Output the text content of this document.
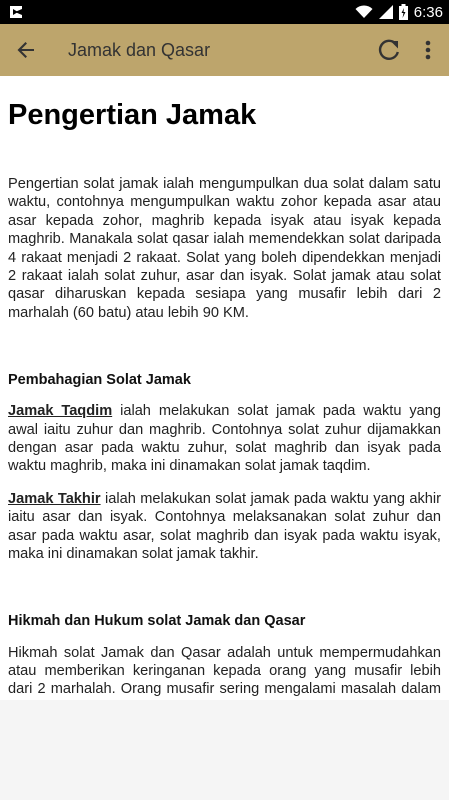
6:36
Jamak dan Qasar
Pengertian Jamak

Pengertian solat jamak ialah mengumpulkan dua solat dalam satu waktu, contohnya mengumpulkan waktu zohor kepada asar atau asar kepada zohor, maghrib kepada isyak atau isyak kepada maghrib. Manakala solat qasar ialah memendekkan solat daripada 4 rakaat menjadi 2 rakaat. Solat yang boleh dipendekkan menjadi 2 rakaat ialah solat zuhur, asar dan isyak. Solat jamak atau solat qasar diharuskan kepada sesiapa yang musafir lebih dari 2 marhalah (60 batu) atau lebih 90 KM.

Pembahagian Solat Jamak

Jamak Taqdim ialah melakukan solat jamak pada waktu yang awal iaitu zuhur dan maghrib. Contohnya solat zuhur dijamakkan dengan asar pada waktu zuhur, solat maghrib dan isyak pada waktu maghrib, maka ini dinamakan solat jamak taqdim.

Jamak Takhir ialah melakukan solat jamak pada waktu yang akhir iaitu asar dan isyak. Contohnya melaksanakan solat zuhur dan asar pada waktu asar, solat maghrib dan isyak pada waktu isyak, maka ini dinamakan solat jamak takhir.

Hikmah dan Hukum solat Jamak dan Qasar

Hikmah solat Jamak dan Qasar adalah untuk mempermudahkan atau memberikan keringanan kepada orang yang musafir lebih dari 2 marhalah. Orang musafir sering mengalami masalah dalam
